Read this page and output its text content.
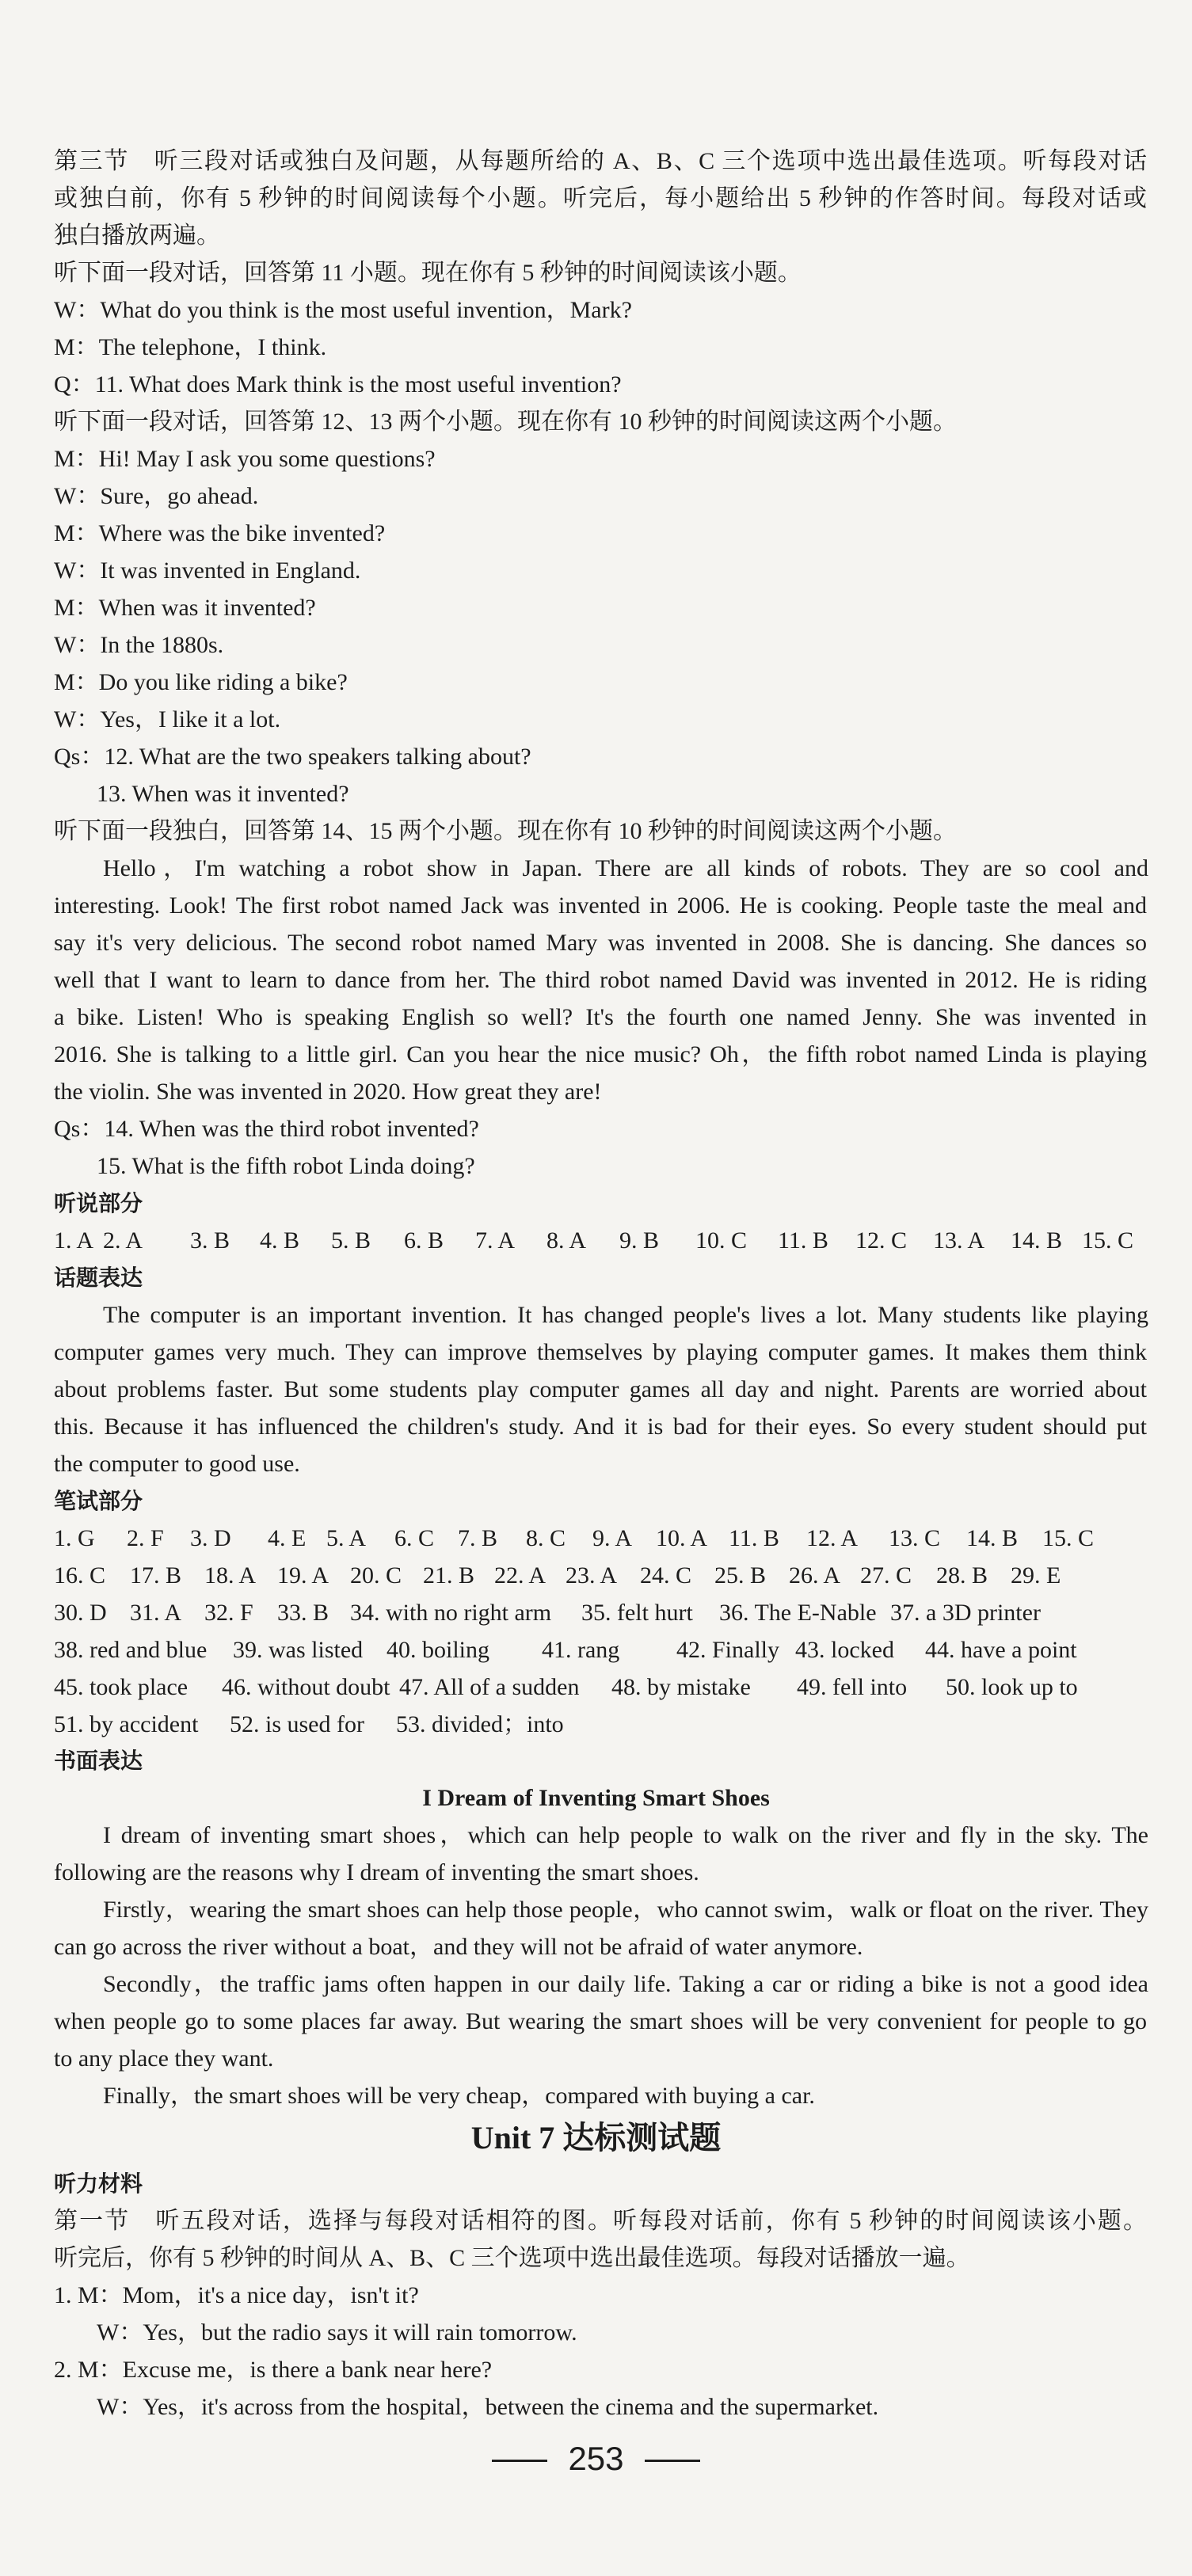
第三节　听三段对话或独白及问题，从每题所给的 A、B、C 三个选项中选出最佳选项。听每段对话
或独白前，你有 5 秒钟的时间阅读每个小题。听完后，每小题给出 5 秒钟的作答时间。每段对话或
独白播放两遍。
听下面一段对话，回答第 11 小题。现在你有 5 秒钟的时间阅读该小题。
W：What do you think is the most useful invention，Mark?
M：The telephone，I think.
Q：11. What does Mark think is the most useful invention?
听下面一段对话，回答第 12、13 两个小题。现在你有 10 秒钟的时间阅读这两个小题。
M：Hi! May I ask you some questions?
W：Sure，go ahead.
M：Where was the bike invented?
W：It was invented in England.
M：When was it invented?
W：In the 1880s.
M：Do you like riding a bike?
W：Yes，I like it a lot.
Qs：12. What are the two speakers talking about?
13. When was it invented?
听下面一段独白，回答第 14、15 两个小题。现在你有 10 秒钟的时间阅读这两个小题。
Hello，I'm watching a robot show in Japan. There are all kinds of robots. They are so cool and
interesting. Look! The first robot named Jack was invented in 2006. He is cooking. People taste the meal and
say it's very delicious. The second robot named Mary was invented in 2008. She is dancing. She dances so
well that I want to learn to dance from her. The third robot named David was invented in 2012. He is riding
a bike. Listen! Who is speaking English so well? It's the fourth one named Jenny. She was invented in
2016. She is talking to a little girl. Can you hear the nice music? Oh，the fifth robot named Linda is playing
the violin. She was invented in 2020. How great they are!
Qs：14. When was the third robot invented?
15. What is the fifth robot Linda doing?
听说部分
1. A 2. A 3. B 4. B 5. B 6. B 7. A 8. A 9. B 10. C 11. B 12. C 13. A 14. B 15. C
话题表达
The computer is an important invention. It has changed people's lives a lot. Many students like playing
computer games very much. They can improve themselves by playing computer games. It makes them think
about problems faster. But some students play computer games all day and night. Parents are worried about
this. Because it has influenced the children's study. And it is bad for their eyes. So every student should put
the computer to good use.
笔试部分
1. G 2. F 3. D 4. E 5. A 6. C 7. B 8. C 9. A 10. A 11. B 12. A 13. C 14. B 15. C
16. C 17. B 18. A 19. A 20. C 21. B 22. A 23. A 24. C 25. B 26. A 27. C 28. B 29. E
30. D 31. A 32. F 33. B 34. with no right arm 35. felt hurt 36. The E-Nable 37. a 3D printer
38. red and blue 39. was listed 40. boiling 41. rang 42. Finally 43. locked 44. have a point
45. took place 46. without doubt 47. All of a sudden 48. by mistake 49. fell into 50. look up to
51. by accident 52. is used for 53. divided；into
书面表达
I Dream of Inventing Smart Shoes
I dream of inventing smart shoes，which can help people to walk on the river and fly in the sky. The
following are the reasons why I dream of inventing the smart shoes.
Firstly，wearing the smart shoes can help those people，who cannot swim，walk or float on the river. They
can go across the river without a boat，and they will not be afraid of water anymore.
Secondly，the traffic jams often happen in our daily life. Taking a car or riding a bike is not a good idea
when people go to some places far away. But wearing the smart shoes will be very convenient for people to go
to any place they want.
Finally，the smart shoes will be very cheap，compared with buying a car.
Unit 7 达标测试题
听力材料
第一节　听五段对话，选择与每段对话相符的图。听每段对话前，你有 5 秒钟的时间阅读该小题。
听完后，你有 5 秒钟的时间从 A、B、C 三个选项中选出最佳选项。每段对话播放一遍。
1. M：Mom，it's a nice day，isn't it?
W：Yes，but the radio says it will rain tomorrow.
2. M：Excuse me，is there a bank near here?
W：Yes，it's across from the hospital，between the cinema and the supermarket.
253
